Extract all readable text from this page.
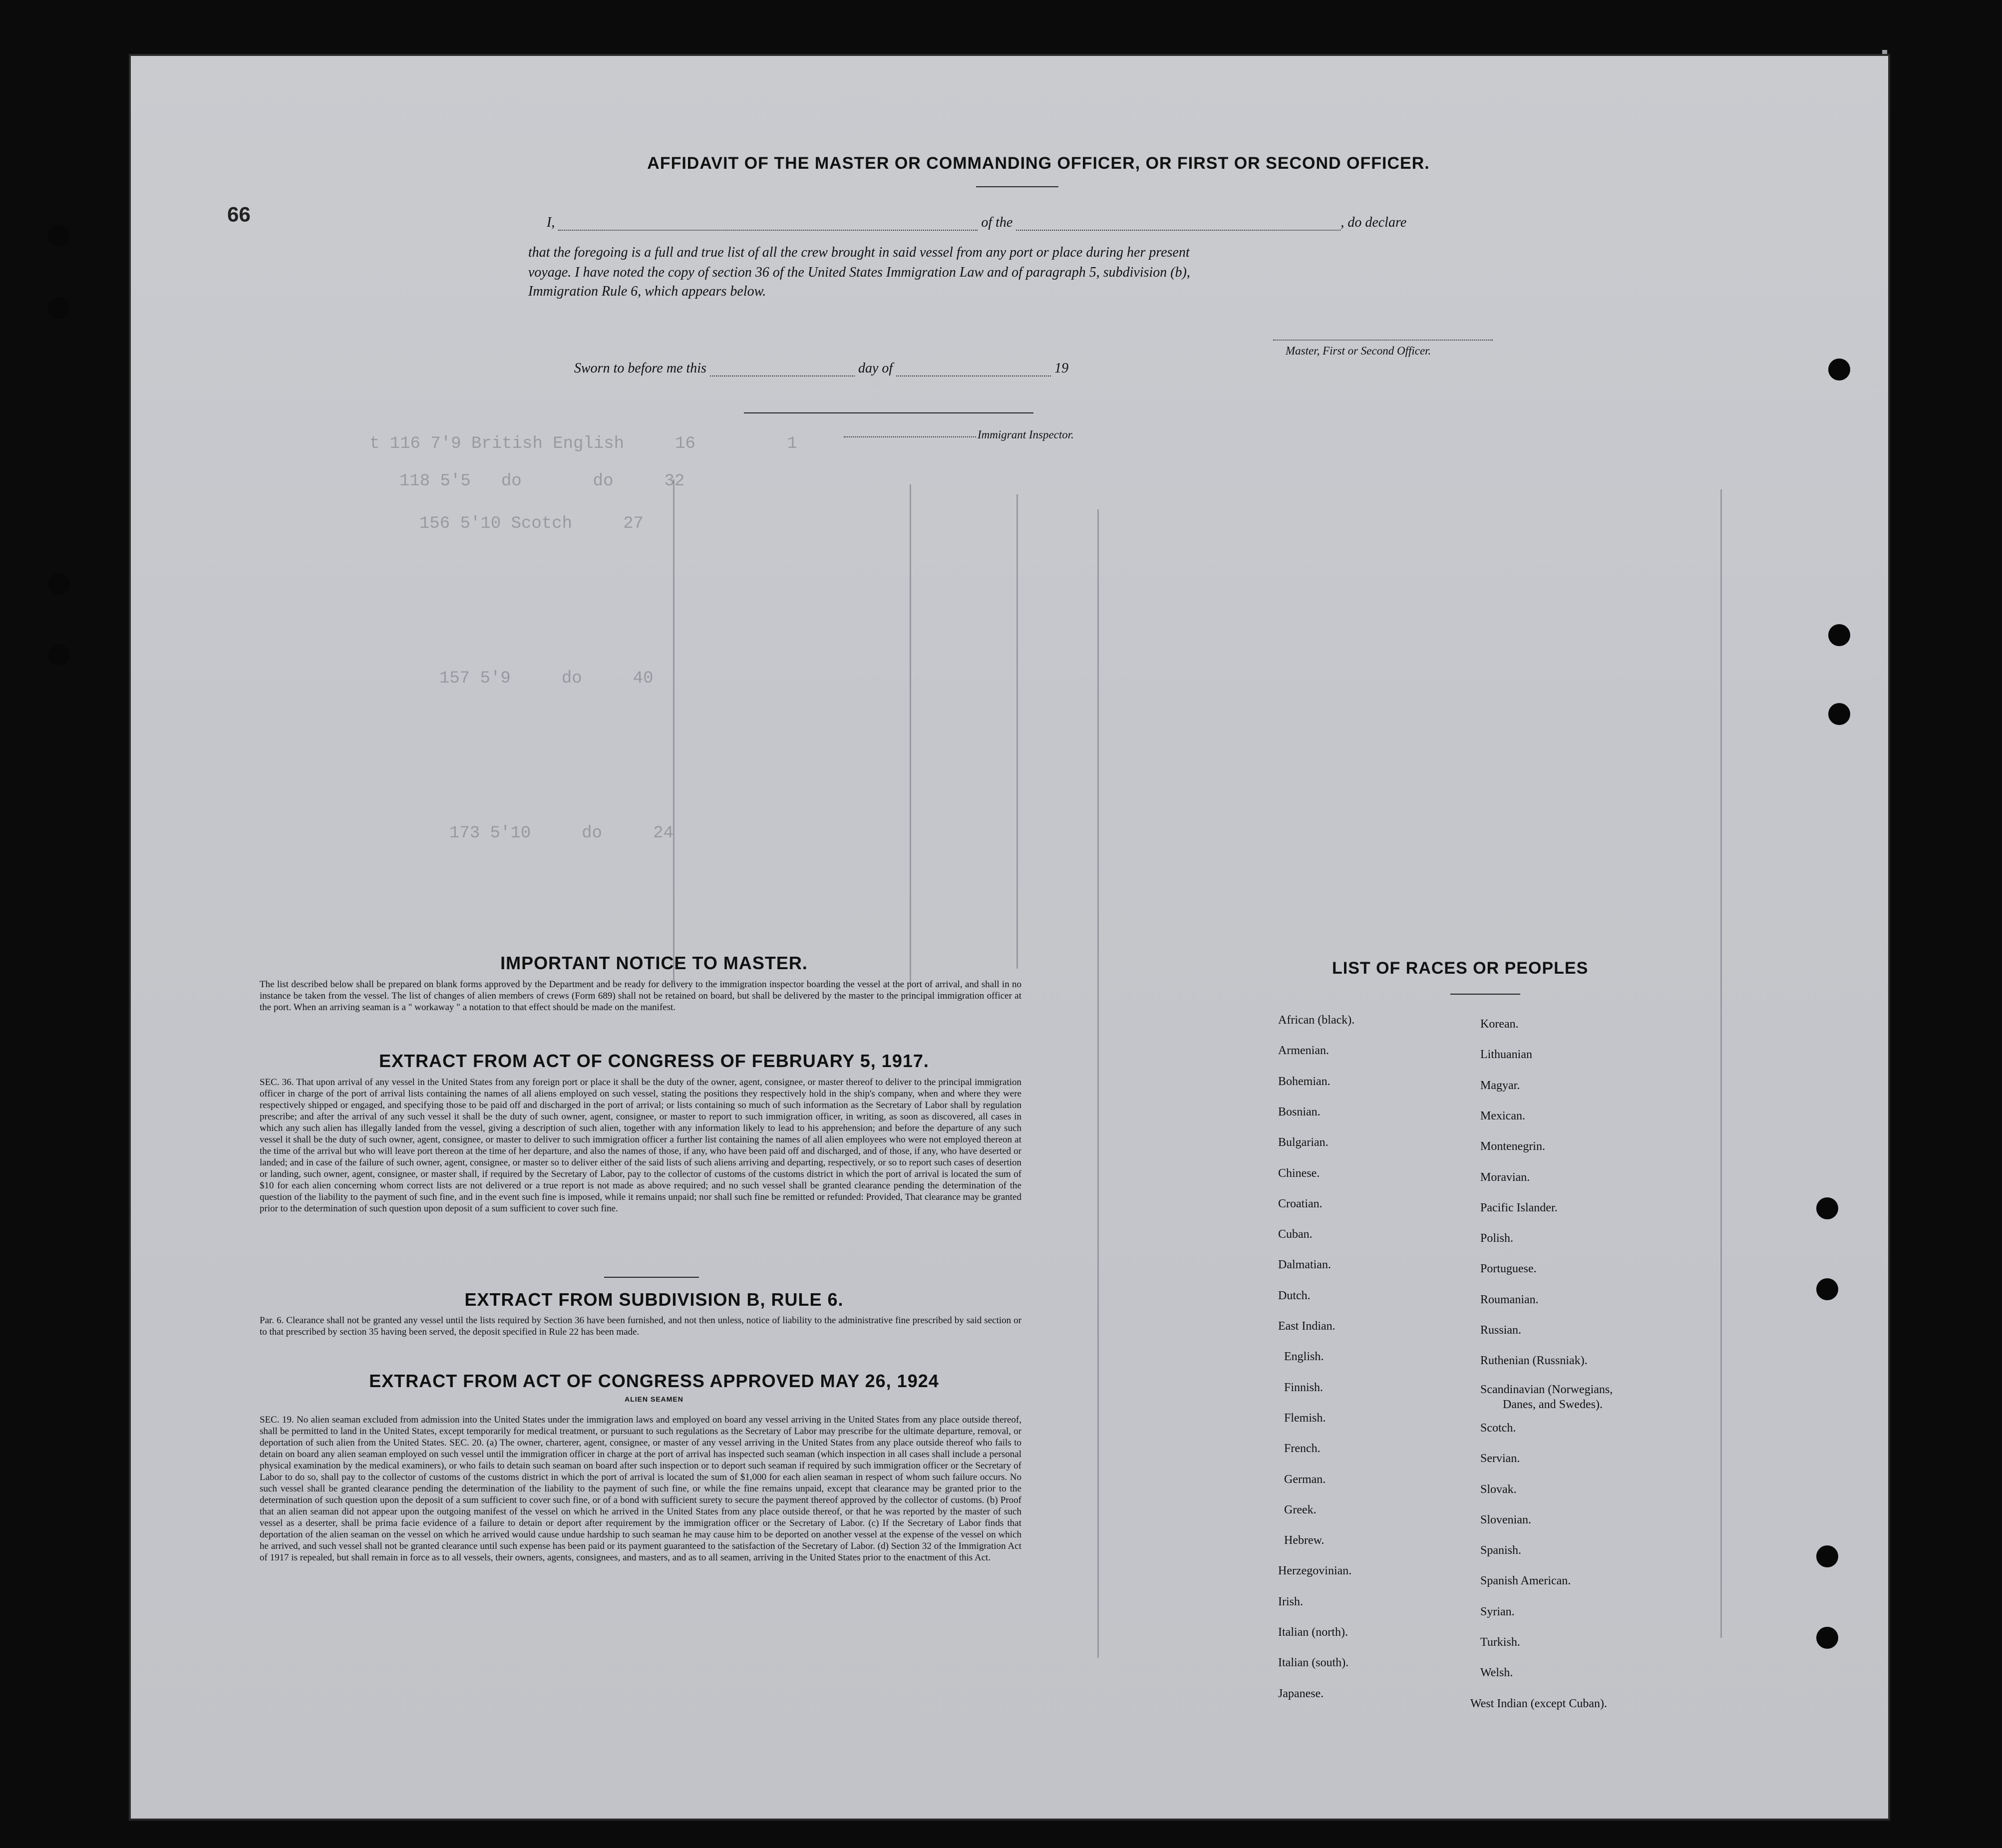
t 116 7'9 British English     16         1
118 5'5   do       do     32
156 5'10 Scotch     27
157 5'9     do     40
173 5'10     do     24
99
AFFIDAVIT OF THE MASTER OR COMMANDING OFFICER, OR FIRST OR SECOND OFFICER.
I,	of the	, do declare
that the foregoing is a full and true list of all the crew brought in said vessel from any port or place during her present
voyage. I have noted the copy of section 36 of the United States Immigration Law and of paragraph 5, subdivision (b),
Immigration Rule 6, which appears below.
Master, First or Second Officer.
Sworn to before me this	day of	19
Immigrant Inspector.
IMPORTANT NOTICE TO MASTER.
The list described below shall be prepared on blank forms approved by the Department and be ready for delivery to the immigration inspector boarding the vessel at the port of arrival, and shall in no instance be taken from the vessel. The list of changes of alien members of crews (Form 689) shall not be retained on board, but shall be delivered by the master to the principal immigration officer at the port. When an arriving seaman is a " workaway " a notation to that effect should be made on the manifest.
EXTRACT FROM ACT OF CONGRESS OF FEBRUARY 5, 1917.
SEC. 36. That upon arrival of any vessel in the United States from any foreign port or place it shall be the duty of the owner, agent, consignee, or master thereof to deliver to the principal immigration officer in charge of the port of arrival lists containing the names of all aliens employed on such vessel, stating the positions they respectively hold in the ship's company, when and where they were respectively shipped or engaged, and specifying those to be paid off and discharged in the port of arrival; or lists containing so much of such information as the Secretary of Labor shall by regulation prescribe; and after the arrival of any such vessel it shall be the duty of such owner, agent, consignee, or master to report to such immigration officer, in writing, as soon as discovered, all cases in which any such alien has illegally landed from the vessel, giving a description of such alien, together with any information likely to lead to his apprehension; and before the departure of any such vessel it shall be the duty of such owner, agent, consignee, or master to deliver to such immigration officer a further list containing the names of all alien employees who were not employed thereon at the time of the arrival but who will leave port thereon at the time of her departure, and also the names of those, if any, who have been paid off and discharged, and of those, if any, who have deserted or landed; and in case of the failure of such owner, agent, consignee, or master so to deliver either of the said lists of such aliens arriving and departing, respectively, or so to report such cases of desertion or landing, such owner, agent, consignee, or master shall, if required by the Secretary of Labor, pay to the collector of customs of the customs district in which the port of arrival is located the sum of $10 for each alien concerning whom correct lists are not delivered or a true report is not made as above required; and no such vessel shall be granted clearance pending the determination of the question of the liability to the payment of such fine, and in the event such fine is imposed, while it remains unpaid; nor shall such fine be remitted or refunded: Provided, That clearance may be granted prior to the determination of such question upon deposit of a sum sufficient to cover such fine.
EXTRACT FROM SUBDIVISION B, RULE 6.
Par. 6. Clearance shall not be granted any vessel until the lists required by Section 36 have been furnished, and not then unless, notice of liability to the administrative fine prescribed by said section or to that prescribed by section 35 having been served, the deposit specified in Rule 22 has been made.
EXTRACT FROM ACT OF CONGRESS APPROVED MAY 26, 1924
ALIEN SEAMEN
SEC. 19. No alien seaman excluded from admission into the United States under the immigration laws and employed on board any vessel arriving in the United States from any place outside thereof, shall be permitted to land in the United States, except temporarily for medical treatment, or pursuant to such regulations as the Secretary of Labor may prescribe for the ultimate departure, removal, or deportation of such alien from the United States. SEC. 20. (a) The owner, charterer, agent, consignee, or master of any vessel arriving in the United States from any place outside thereof who fails to detain on board any alien seaman employed on such vessel until the immigration officer in charge at the port of arrival has inspected such seaman (which inspection in all cases shall include a personal physical examination by the medical examiners), or who fails to detain such seaman on board after such inspection or to deport such seaman if required by such immigration officer or the Secretary of Labor to do so, shall pay to the collector of customs of the customs district in which the port of arrival is located the sum of $1,000 for each alien seaman in respect of whom such failure occurs. No such vessel shall be granted clearance pending the determination of the liability to the payment of such fine, or while the fine remains unpaid, except that clearance may be granted prior to the determination of such question upon the deposit of a sum sufficient to cover such fine, or of a bond with sufficient surety to secure the payment thereof approved by the collector of customs. (b) Proof that an alien seaman did not appear upon the outgoing manifest of the vessel on which he arrived in the United States from any place outside thereof, or that he was reported by the master of such vessel as a deserter, shall be prima facie evidence of a failure to detain or deport after requirement by the immigration officer or the Secretary of Labor. (c) If the Secretary of Labor finds that deportation of the alien seaman on the vessel on which he arrived would cause undue hardship to such seaman he may cause him to be deported on another vessel at the expense of the vessel on which he arrived, and such vessel shall not be granted clearance until such expense has been paid or its payment guaranteed to the satisfaction of the Secretary of Labor. (d) Section 32 of the Immigration Act of 1917 is repealed, but shall remain in force as to all vessels, their owners, agents, consignees, and masters, and as to all seamen, arriving in the United States prior to the enactment of this Act.
LIST OF RACES OR PEOPLES
Danes, and Swedes).
African (black).
Armenian.
Bohemian.
Bosnian.
Bulgarian.
Chinese.
Croatian.
Cuban.
Dalmatian.
Dutch.
East Indian.
English.
Finnish.
Flemish.
French.
German.
Greek.
Hebrew.
Herzegovinian.
Irish.
Italian (north).
Italian (south).
Japanese.
Korean.
Lithuanian
Magyar.
Mexican.
Montenegrin.
Moravian.
Pacific Islander.
Polish.
Portuguese.
Roumanian.
Russian.
Ruthenian (Russniak).
Scandinavian (Norwegians,
Scotch.
Servian.
Slovak.
Slovenian.
Spanish.
Spanish American.
Syrian.
Turkish.
Welsh.
West Indian (except Cuban).
